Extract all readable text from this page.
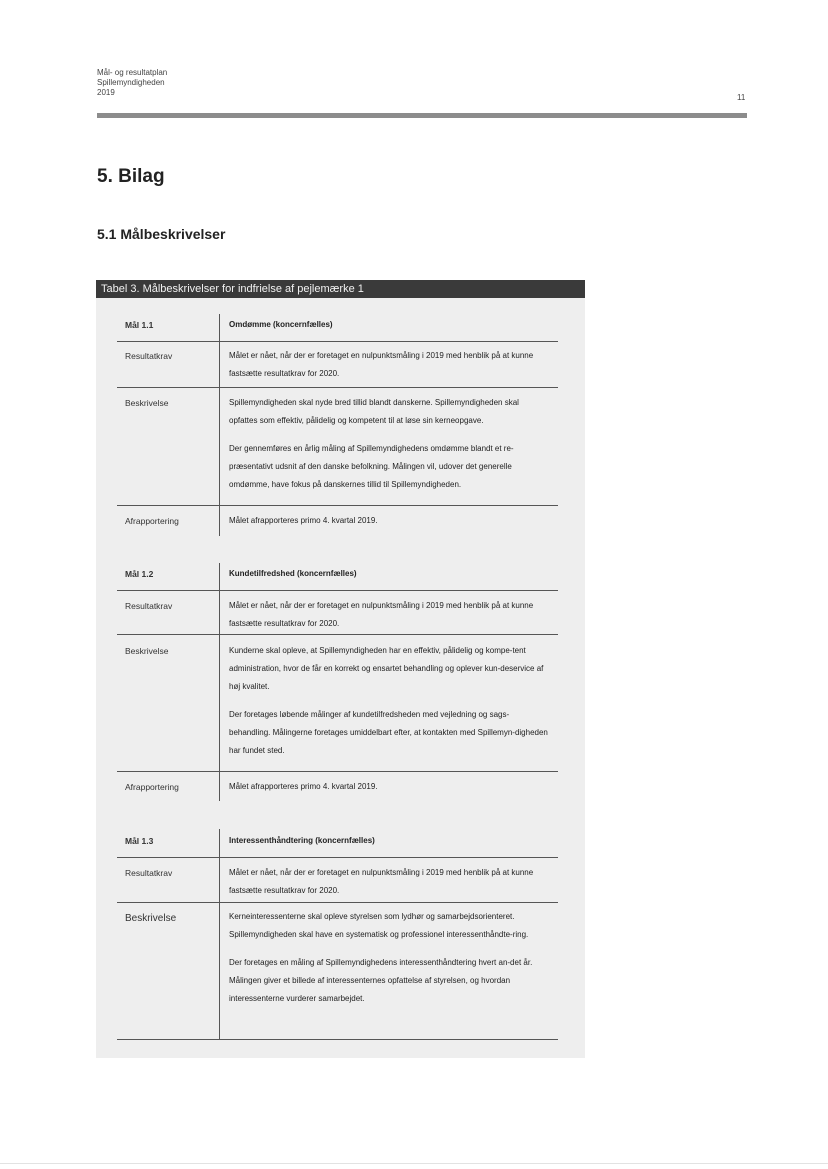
Mål- og resultatplan
Spillemyndigheden
2019
11
5. Bilag
5.1 Målbeskrivelser
Tabel 3. Målbeskrivelser for indfrielse af pejlemærke 1
Mål 1.1	Omdømme (koncernfælles)
Resultatkrav	Målet er nået, når der er foretaget en nulpunktsmåling i 2019 med henblik på at kunne fastsætte resultatkrav for 2020.

Beskrivelse	Spillemyndigheden skal nyde bred tillid blandt danskerne. Spillemyndigheden skal opfattes som effektiv, pålidelig og kompetent til at løse sin kerneopgave.

Der gennemføres en årlig måling af Spillemyndighedens omdømme blandt et re-præsentativt udsnit af den danske befolkning. Målingen vil, udover det generelle omdømme, have fokus på danskernes tillid til Spillemyndigheden.

Afrapportering	Målet afrapporteres primo 4. kvartal 2019.

Mål 1.2	Kundetilfredshed (koncernfælles)
Resultatkrav	Målet er nået, når der er foretaget en nulpunktsmåling i 2019 med henblik på at kunne fastsætte resultatkrav for 2020.

Beskrivelse	Kunderne skal opleve, at Spillemyndigheden har en effektiv, pålidelig og kompe-tent administration, hvor de får en korrekt og ensartet behandling og oplever kun-deservice af høj kvalitet.

Der foretages løbende målinger af kundetilfredsheden med vejledning og sags-behandling. Målingerne foretages umiddelbart efter, at kontakten med Spillemyn-digheden har fundet sted.

Afrapportering	Målet afrapporteres primo 4. kvartal 2019.

Mål 1.3	Interessenthåndtering (koncernfælles)
Resultatkrav	Målet er nået, når der er foretaget en nulpunktsmåling i 2019 med henblik på at kunne fastsætte resultatkrav for 2020.

Beskrivelse	Kerneinteressenterne skal opleve styrelsen som lydhør og samarbejdsorienteret. Spillemyndigheden skal have en systematisk og professionel interessenthåndte-ring.

Der foretages en måling af Spillemyndighedens interessenthåndtering hvert an-det år. Målingen giver et billede af interessenternes opfattelse af styrelsen, og hvordan interessenterne vurderer samarbejdet.
